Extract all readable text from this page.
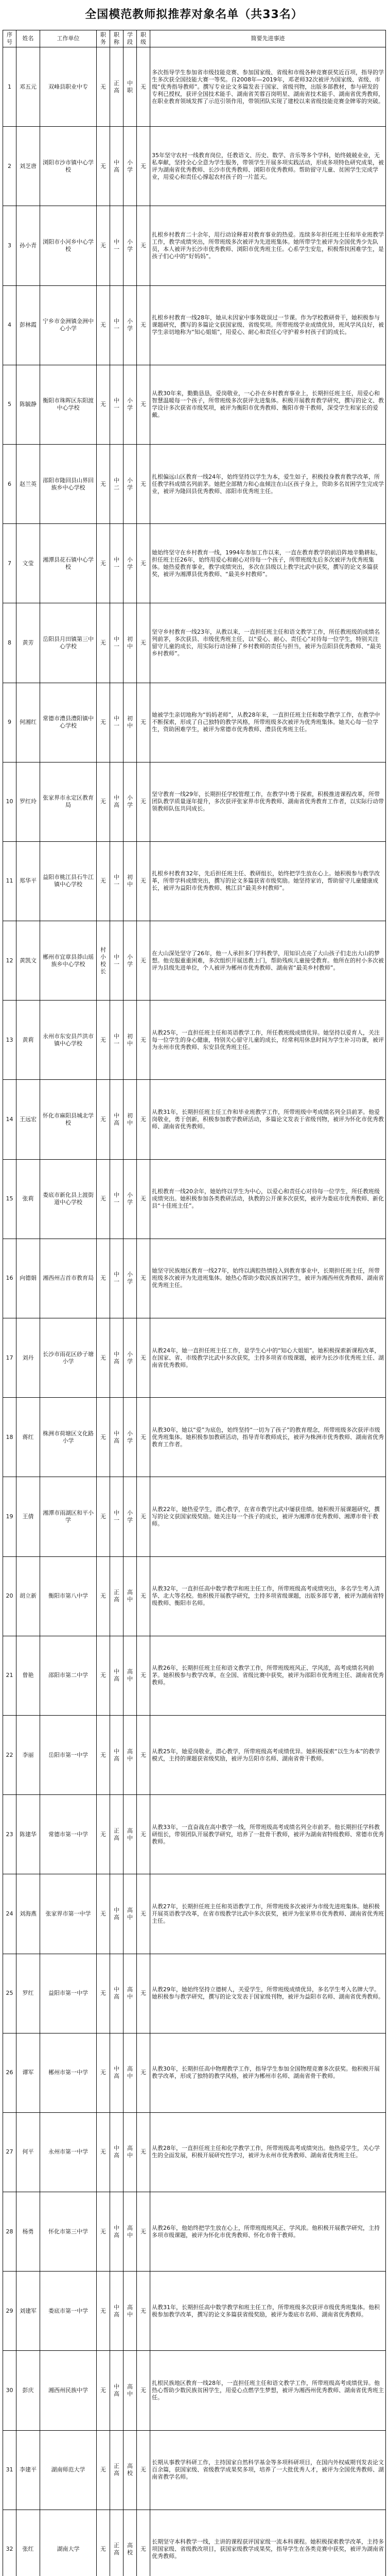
全国模范教师拟推荐对象名单（共33名）
序号	姓名	工作单位	职务	职称	学段	职级	简要先进事迹
1	邓五元	双峰县职业中专	无	正高	中职	无	多次指导学生参加省市级技能竞赛、参加国家级、省级和市级各种竞赛获奖近百项，指导的学生多次获全国技能大赛一等奖。自2008年—2019年，邓老师32次被评为国家级、省级、市级“优秀指导教师”。撰写专业论文多篇发表于国家、省级刊物，出版多部教材，参与研发的专利已授权，获评全国技术能手、湖南省芙蓉百岗明星、湖南省技术能手、湖南省优秀教师，在职业教育领域发挥了示范引领作用，带领团队实现了建校以来省级技能竞赛金牌零的突破。
2	刘芝唐	浏阳市沙市镇中心学校	无	中高	小学	无	35年坚守农村一线教育岗位，任教语文、历史、数学、音乐等多个学科，始终兢兢业业，无私奉献，坚持全心全意为学生服务，带领学生开展多项实践活动，形成多项特色研究成果，被评为湖南省优秀教师、长沙市优秀教师、浏阳市优秀教师。帮助留守儿童、贫困学生完成学业，用爱心和责任心撑起农村孩子的一片蓝天。
3	孙小青	浏阳市小河乡中心学校	无	中一	小学	无	扎根乡村教育二十余年，用行动诠释着对教育事业的热爱。连续多年担任班主任和毕业班教学工作，教学成绩突出，所带班级多次被评为先进班集体。她所带学生被评为全国优秀少先队员，本人被评为长沙市优秀教师、浏阳市优秀班主任。心系学生安危，积极帮扶困难学生，是孩子们心中的“好妈妈”。
4	彭林霞	宁乡市金洲镇金洲中心小学	无	中一	小学	无	扎根乡村教育一线28年，她从未因家中事务耽误过一节课。作为学校教研骨干，她积极参与课题研究，撰写的多篇论文获国家级、省级奖项。所带班级学业成绩优异，班风学风良好，被学生亲切地称为“知心姐姐”，用爱心、耐心和责任心守护着乡村孩子们的成长。
5	陈毓静	衡阳市珠晖区东阳渡中心学校	无	中一	小学	无	从教30年来，勤勤恳恳，爱岗敬业，一心扑在乡村教育事业上，长期担任班主任，用爱心和智慧温暖每一个孩子，所带班级多次获评先进集体。积极开展教育教学研究，撰写的论文、教学设计多次获省市级奖项，被评为衡阳市优秀教师、衡阳市骨干教师，深受学生和家长的爱戴。
6	赵兰英	邵阳市隆回县山界回族乡中心学校	无	中二	小学	无	扎根偏远山区教育一线24年，始终坚持以学生为本，爱生如子，积极投身教育教学改革，所任教学科成绩名列前茅。她把全部精力和心血倾注在山区孩子身上，资助多名贫困学生完成学业，被评为隆回县优秀教师、邵阳市优秀班主任。
7	文莹	湘潭县花石镇中心学校	无	中一	小学	无	她始终坚守在乡村教育一线，1994年参加工作以来，一直在教育教学的前沿阵地辛勤耕耘，担任班主任26年，始终用爱心和耐心对待每一个孩子，所带班级先后多次被评为优秀班集体。她热爱教育事业，教学成绩突出，多次在县级以上教学比武中获奖，撰写的论文多篇获奖，被评为湘潭县优秀教师、“最美乡村教师”。
8	黄芳	岳阳县月田镇第三中心学校	无	中一	初中	无	坚守乡村教育一线23年，从教以来，一直担任班主任和语文教学工作，所任教班级的成绩名列前茅，多次获县、市级优秀班主任，以“爱心、耐心、责任心”对待每一位学生，特别关注留守儿童的成长，用实际行动诠释了乡村教师的责任与担当，被评为岳阳县优秀教师、“最美乡村教师”。
9	何湘红	常德市澧县澧阳镇中心学校	无	中一	初中	无	她被学生亲切地称为“妈妈老师”，从教28年来，一直担任班主任和数学教学工作，在教学中不断探索，形成了自己独特的教学风格，所带班级多次被评为优秀班集体。她关心每一位学生，资助困难学生，被评为常德市优秀教师、澧县优秀班主任。
10	罗红玲	张家界市永定区教育局	无	中高	小学	无	坚守教育一线29年，长期担任学校管理工作，在教学中勇于探索，积极推进课程改革，所带团队教学质量逐年提升，多次获评张家界市优秀教师、湖南省优秀教育工作者，以实际行动带领教师队伍共同成长。
11	郑华平	益阳市桃江县石牛江镇中心学校	无	中一	初中	无	扎根乡村教育32年，先后担任班主任、教研组长，始终把学生放在心上。她积极参与教学改革，所带学科成绩突出，撰写的论文多篇获省市级奖励。她坚持家访，帮助留守儿童健康成长，被评为益阳市优秀教师、桃江县“最美乡村教师”。
12	黄凯文	郴州市宜章县莽山瑶族乡中心学校	村小校长	中一	小学	无	在大山深处坚守了26年，他一人承担多门学科教学，用知识点亮了大山孩子们走出大山的梦想。他克服重重困难，多次组织开展送教上门，帮助残疾儿童接受教育。他所在的村小多次被评为县级先进单位，个人被评为郴州市优秀教师、湖南省“最美乡村教师”。
13	黄莉	永州市东安县芦洪市镇中心学校	无	中一	初中	无	从教25年，一直担任班主任和英语教学工作，所任教班级成绩优异。她坚持以爱育人，关注每一位学生的身心健康，特别关心留守儿童的成长，经常利用休息时间为学生补习功课，被评为永州市优秀教师、东安县优秀班主任。
14	王远宏	怀化市麻阳县城北学校	无	中高	初中	无	从教31年，长期担任班主任工作和毕业班教学工作，所带班级中考成绩名列全县前茅。他爱岗敬业，勇于创新，积极参加教学教研活动，多篇论文发表于省级刊物，被评为怀化市优秀教师、湖南省优秀教师。
15	张莉	娄底市新化县上渡街道中心学校	无	中一	小学	无	扎根教育一线20余年，她始终以学生为中心，以爱心和责任心对待每一位学生，所任教班级成绩突出。她积极参加各类教研活动，执教的公开课多次获奖，被评为娄底市优秀教师、新化县“十佳班主任”。
16	向德娟	湘西州吉首市教育局	无	中一	小学	无	她坚守民族地区教育一线27年，始终以满腔热情投入到教育事业中，长期担任班主任，所带班级多次被评为先进班集体。她热心帮助少数民族贫困学生，被评为湘西州优秀教师、湖南省优秀班主任。
17	刘丹	长沙市雨花区砂子塘小学	无	中高	小学	无	从教24年，她一直担任班主任工作，是学生心中的“知心大姐姐”。她积极探索新课程改革，在国家、省、市级教学比武中多次获奖，主持多项省市级课题，被评为长沙市优秀班主任、湖南省优秀教师。
18	蒋红	株洲市荷塘区文化路小学	无	中高	小学	无	从教30年，她以“爱”为底色，始终坚持“一切为了孩子”的教育理念，所带班级多次获评市级优秀班集体。她积极参加教研活动，指导青年教师成长，被评为株洲市优秀教师、湖南省优秀教育工作者。
19	王倩	湘潭市雨湖区和平小学	无	中一	小学	无	从教22年，她热爱学生，潜心教学，在省市教学比武中屡获佳绩。她积极开展课题研究，撰写的论文获国家级奖励。她关注每一个孩子的成长，被评为湘潭市优秀教师、湘潭市骨干教师。
20	胡立新	衡阳市第八中学	无	正高	高中	无	从教32年，一直担任高中数学教学和班主任工作，所带班级高考成绩突出，多名学生考入清华、北大等名校。他积极开展教学研究，主持多项省级课题，出版多部专著，被评为湖南省特级教师、衡阳市名师。
21	曾艳	邵阳市第二中学	无	中高	高中	无	从教26年，长期担任班主任和语文教学工作，所带班级班风正、学风浓，高考成绩名列前茅。她积极参与教学改革，在全国、省级比赛中获奖，被评为邵阳市优秀班主任、湖南省优秀教师。
22	李丽	岳阳市第一中学	无	中高	高中	无	从教25年，她爱岗敬业，潜心教学，所带班级高考成绩优异。她积极探索“以生为本”的教学模式，主持的课题获省级奖励，被评为岳阳市名师、湖南省骨干教师。
23	陈建华	常德市第一中学	无	正高	高中	无	从教33年，一直奋战在高中教学一线，所带班级高考成绩名列全市前茅。他长期担任学科教研组长，带领团队开展教学研究，培养了一批骨干教师，被评为湖南省特级教师、常德市优秀教师。
24	刘海燕	张家界市第一中学	无	中高	高中	无	从教27年，长期担任班主任和英语教学工作，所带班级多次被评为市级先进班集体。她积极开展英语教学改革，在省市级教学比武中多次获奖，被评为张家界市优秀教师、湖南省优秀班主任。
25	罗红	益阳市第一中学	无	中高	高中	无	从教29年，她始终坚持立德树人，关爱学生，所带班级成绩优异，多名学生考入名牌大学。她积极参与教学研究，撰写的论文发表于国家级刊物，被评为益阳市名师、湖南省优秀教师。
26	谭军	郴州市第一中学	无	中高	高中	无	从教30年，长期担任高中物理教学工作，指导学生参加全国物理竞赛多次获奖。他积极开展教学改革，形成了独特的教学风格，被评为郴州市名师、湖南省骨干教师。
27	何平	永州市第一中学	无	中高	高中	无	从教28年，一直担任班主任和化学教学工作，所带班级高考成绩突出。他热爱学生，关心学生的全面发展，积极开展研究性学习，被评为永州市优秀教师、湖南省优秀班主任。
28	杨勇	怀化市第三中学	无	中高	高中	无	从教26年，他始终把学生放在心上，所带班级班风正、学风浓。他积极开展教学研究，主持多项市级课题，被评为怀化市优秀教师、怀化市骨干教师。
29	刘建军	娄底市第一中学	无	中高	高中	无	从教31年，长期担任高中数学教学和班主任工作，所带班级多次获评市级优秀班集体。他积极参加教学改革，撰写的论文多篇获省级奖励，被评为娄底市名师、湖南省优秀教师。
30	彭庆	湘西州民族中学	无	中高	高中	无	扎根民族地区教育一线28年，一直担任班主任和语文教学工作，所带班级高考成绩优异。他热心帮助少数民族贫困学生，用爱心点燃学生梦想，被评为湘西州优秀教师、湖南省优秀班主任。
31	李建平	湖南师范大学	无	正高	高校	无	长期从事教学科研工作，主持国家自然科学基金等多项科研项目，在国内外权威期刊发表论文百余篇，获国家级、省级教学成果奖多项，培养了一大批优秀人才，被评为全国优秀教师、湖南省教学名师。
32	张红	湖南大学	无	正高	高校	无	长期坚守本科教学一线，主讲的课程获评国家级一流本科课程。她积极探索教学改革，主持多项国家级、省级教改项目，获国家级教学成果奖，指导学生在各类竞赛中获奖，被评为湖南省优秀教师。
